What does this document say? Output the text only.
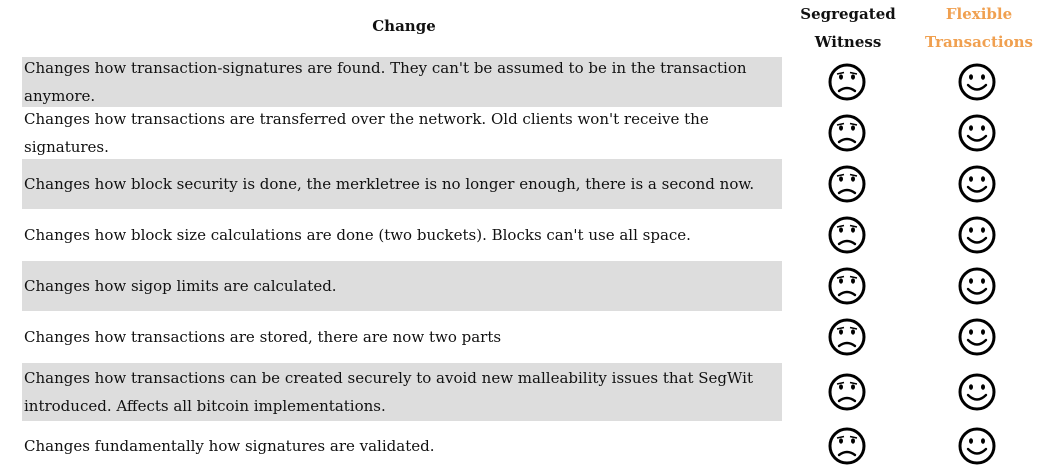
Change
Segregated
Witness
Flexible
Transactions
Changes how transaction-signatures are found. They can't be assumed to be in the transaction anymore.
Changes how transactions are transferred over the network. Old clients won't receive the signatures.
Changes how block security is done, the merkletree is no longer enough, there is a second now.
Changes how block size calculations are done (two buckets). Blocks can't use all space.
Changes how sigop limits are calculated.
Changes how transactions are stored, there are now two parts
Changes how transactions can be created securely to avoid new malleability issues that SegWit introduced. Affects all bitcoin implementations.
Changes fundamentally how signatures are validated.
